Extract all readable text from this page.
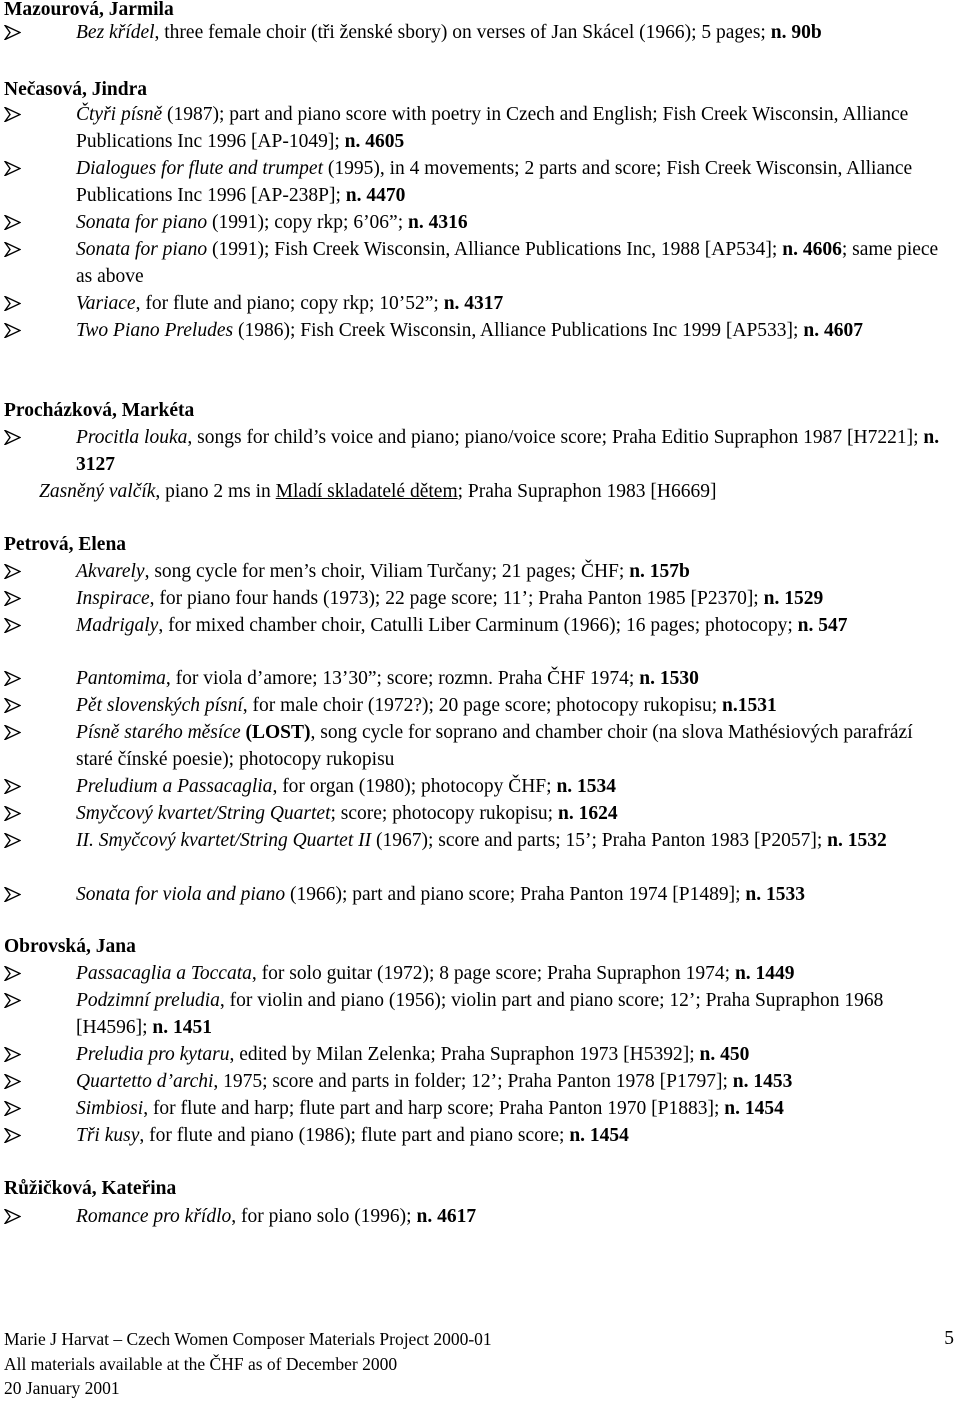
Mazourová, Jarmila
Bez křídel, three female choir (tři ženské sbory) on verses of Jan Skácel (1966); 5 pages; n. 90b
Nečasová, Jindra
Čtyři písně (1987); part and piano score with poetry in Czech and English; Fish Creek Wisconsin, Alliance Publications Inc 1996 [AP-1049]; n. 4605
Dialogues for flute and trumpet (1995), in 4 movements; 2 parts and score; Fish Creek Wisconsin, Alliance Publications Inc 1996 [AP-238P]; n. 4470
Sonata for piano (1991); copy rkp; 6’06”; n. 4316
Sonata for piano (1991); Fish Creek Wisconsin, Alliance Publications Inc, 1988 [AP534]; n. 4606; same piece as above
Variace, for flute and piano; copy rkp; 10’52”; n. 4317
Two Piano Preludes (1986); Fish Creek Wisconsin, Alliance Publications Inc 1999 [AP533]; n. 4607
Procházková, Markéta
Procitla louka, songs for child’s voice and piano; piano/voice score; Praha Editio Supraphon 1987 [H7221]; n. 3127
Zasněný valčík, piano 2 ms in Mladí skladatelé dětem; Praha Supraphon 1983 [H6669]
Petrová, Elena
Akvarely, song cycle for men’s choir, Viliam Turčany; 21 pages; ČHF; n. 157b
Inspirace, for piano four hands (1973); 22 page score; 11’; Praha Panton 1985 [P2370]; n. 1529
Madrigaly, for mixed chamber choir, Catulli Liber Carminum (1966); 16 pages; photocopy; n. 547
Pantomima, for viola d’amore; 13’30”; score; rozmn. Praha ČHF 1974; n. 1530
Pět slovenských písní, for male choir (1972?); 20 page score; photocopy rukopisu; n.1531
Písně starého měsíce (LOST), song cycle for soprano and chamber choir (na slova Mathésiových parafrází staré čínské poesie); photocopy rukopisu
Preludium a Passacaglia, for organ (1980); photocopy ČHF; n. 1534
Smyčcový kvartet/String Quartet; score; photocopy rukopisu; n. 1624
II. Smyčcový kvartet/String Quartet II (1967); score and parts; 15’; Praha Panton 1983 [P2057]; n. 1532
Sonata for viola and piano (1966); part and piano score; Praha Panton 1974 [P1489]; n. 1533
Obrovská, Jana
Passacaglia a Toccata, for solo guitar (1972); 8 page score; Praha Supraphon 1974; n. 1449
Podzimní preludia, for violin and piano (1956); violin part and piano score; 12’; Praha Supraphon 1968 [H4596]; n. 1451
Preludia pro kytaru, edited by Milan Zelenka; Praha Supraphon 1973 [H5392]; n. 450
Quartetto d’archi, 1975; score and parts in folder; 12’; Praha Panton 1978 [P1797]; n. 1453
Simbiosi, for flute and harp; flute part and harp score; Praha Panton 1970 [P1883]; n. 1454
Tři kusy, for flute and piano (1986); flute part and piano score; n. 1454
Růžičková, Kateřina
Romance pro křídlo, for piano solo (1996); n. 4617
Marie J Harvat – Czech Women Composer Materials Project 2000-01
All materials available at the ČHF as of December 2000
20 January 2001
5
